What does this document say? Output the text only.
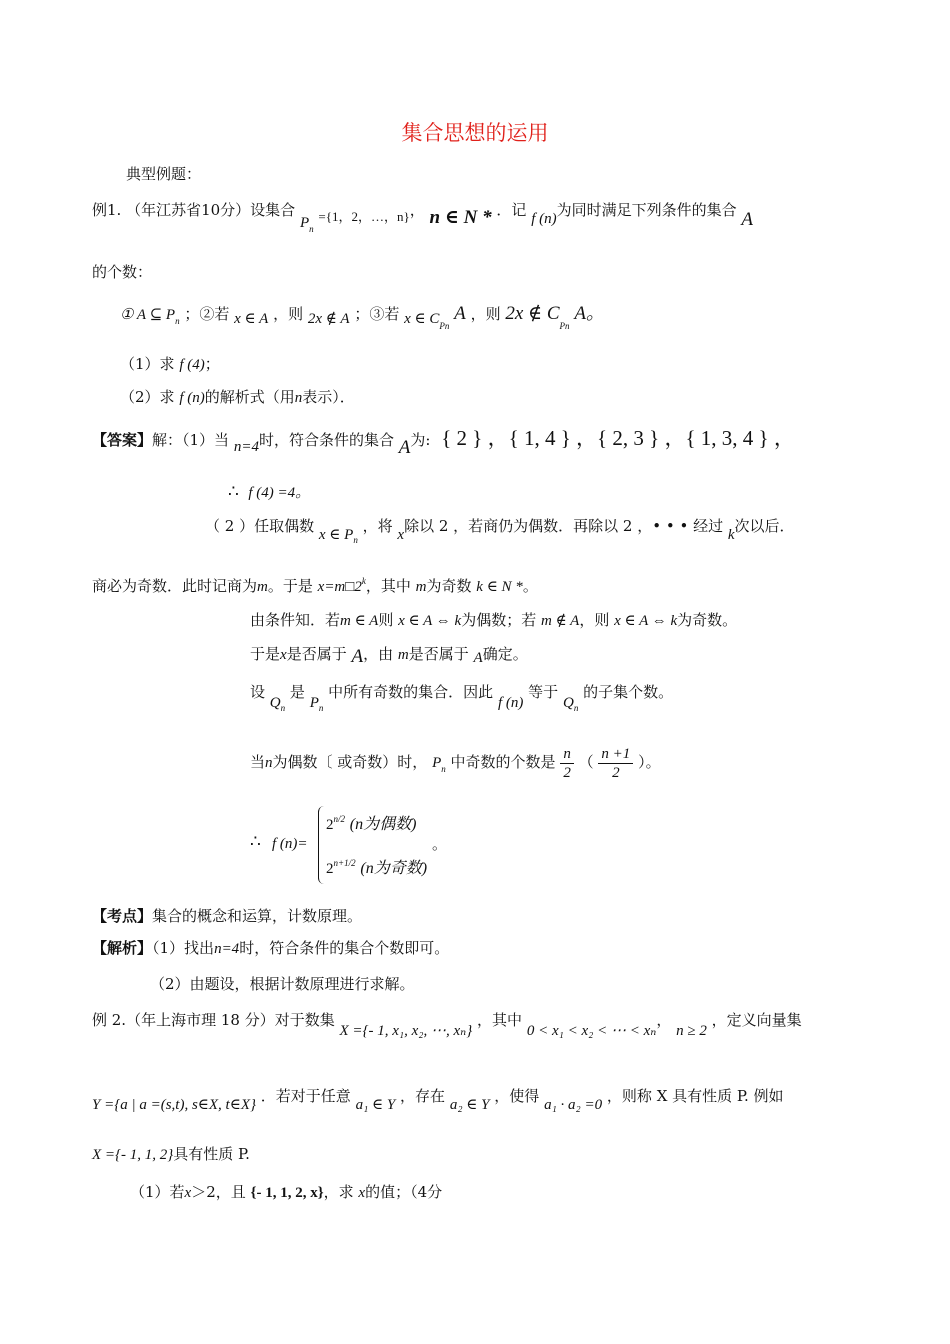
集合思想的运用
典型例题：
例1. （年江苏省10分）设集合 $P_n =\{1$，2，…，n}， n ∈ N * ．记 f (n)为同时满足下列条件的集合 A
的个数：
① A ⊆ $P_n$ ；②若 x ∈ A ，则 2x ∉ A ；③若 x ∈ $C_{Pn}$ A ，则 2x ∉ $C_{Pn}$ A。
（1）求 f (4)；
（2）求 f (n)的解析式（用n表示）．
【答案】解：（1）当 n=4时，符合条件的集合 A为: { 2 } ，{ 1, 4 } ，{ 2, 3 } ，{ 1, 3, 4 } ，
∴ f (4) =4。
（ 2 ）任取偶数 x ∈ $P_n$ ，将 x除以 2 ，若商仍为偶数．再除以 2 ，• • • 经过 k次以后．
商必为奇数．此时记商为m。于是 $x=m□2^k$，其中 m为奇数 k ∈ N *。
由条件知．若m ∈ A则 x ∈ A ⇔ k为偶数；若 m ∉ A，则 x ∈ A ⇔ k为奇数。
于是x是否属于 A，由 m是否属于 A确定。
设 $Q_n$ 是 $P_n$ 中所有奇数的集合．因此 f (n) 等于 $Q_n$ 的子集个数。
当n为偶数〔 或奇数）时， $P_n$ 中奇数的个数是 $\frac{n}{2}$ （ $\frac{n +1}{2}$ ）。
∴ f (n)=
$2^{n/2}$ (n为偶数)
$2^{n+1/2}$ (n为奇数)
。
【考点】集合的概念和运算，计数原理。
【解析】（1）找出n=4时，符合条件的集合个数即可。
（2）由题设，根据计数原理进行求解。
例 2.（年上海市理 18 分）对于数集 X ={- 1, x₁, x₂, ⋯, xₙ} ，其中 0 < x₁ < x₂ < ⋯ < xₙ， n ≥ 2 ，定义向量集
Y ={a | a =(s,t), s∈X, t∈X} ．若对于任意 a₁ ∈ Y ，存在 a₂ ∈ Y ，使得 a₁ · a₂ =0 ，则称 X 具有性质 P. 例如
X ={- 1, 1, 2}具有性质 P.
（1）若x＞2，且 {- 1, 1, 2, x}，求 x的值；（4分
